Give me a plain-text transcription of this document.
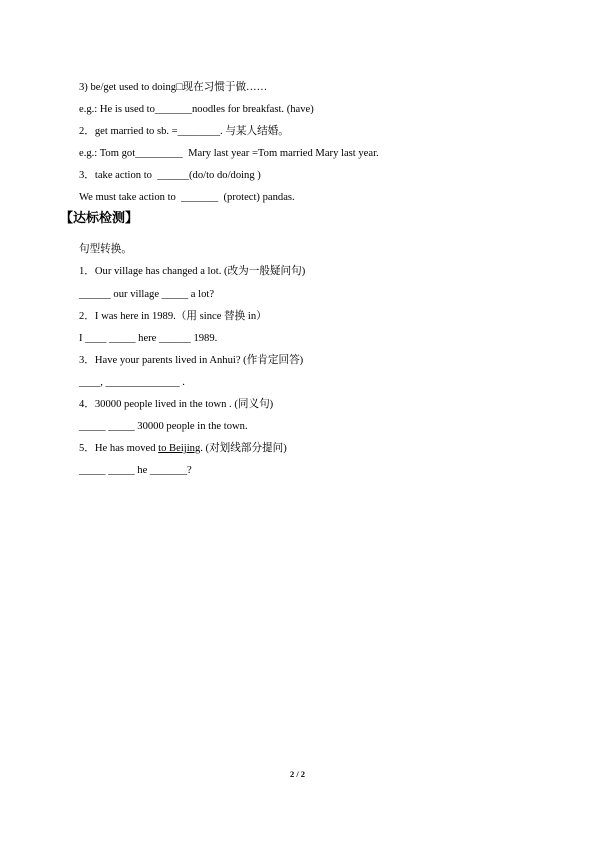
3) be/get used to doing□现在习惯于做……
e.g.: He is used to_______noodles for breakfast. (have)
2．get married to sb. =________. 与某人结婚。
e.g.: Tom got_________  Mary last year =Tom married Mary last year.
3．take action to  ______(do/to do/doing )
We must take action to  _______  (protect) pandas.
【达标检测】
句型转换。
1．Our village has changed a lot. (改为一般疑问句)
______ our village _____ a lot?
2．I was here in 1989.（用 since 替换 in）
I ____ _____ here ______ 1989.
3．Have your parents lived in Anhui? (作肯定回答)
____, ______________ .
4．30000 people lived in the town . (同义句)
_____ _____ 30000 people in the town.
5．He has moved to Beijing. (对划线部分提问)
_____ _____ he _______?
2 / 2
